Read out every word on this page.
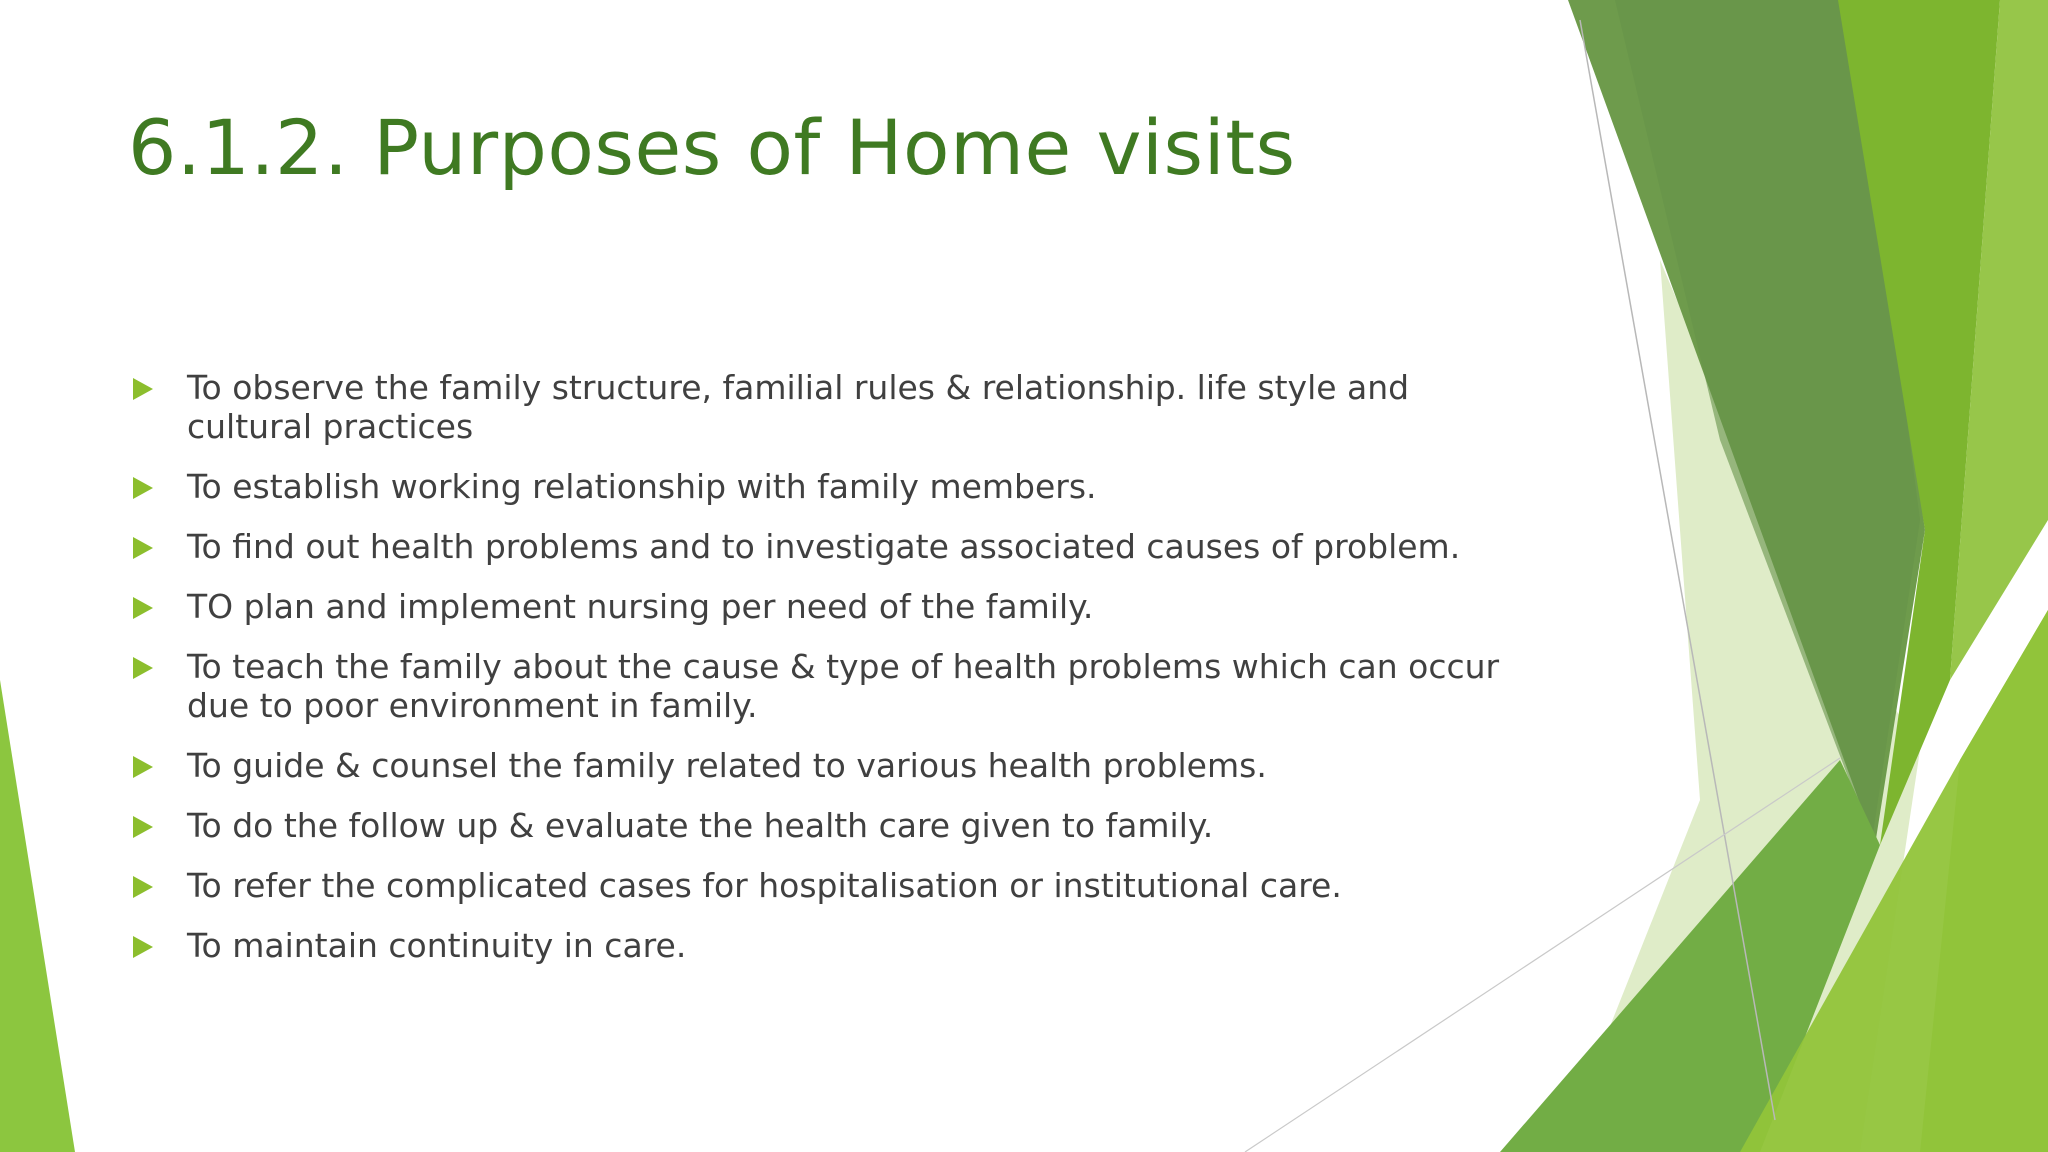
6.1.2. Purposes of Home visits
To observe the family structure, familial rules & relationship. life style and cultural practices
To establish working relationship with family members.
To find out health problems and to investigate associated causes of problem.
TO plan and implement nursing per need of the family.
To teach the family about the cause & type of health problems which can occur due to poor environment in family.
To guide & counsel the family related to various health problems.
To do the follow up & evaluate the health care given to family.
To refer the complicated cases for hospitalisation or institutional care.
To maintain continuity in care.
